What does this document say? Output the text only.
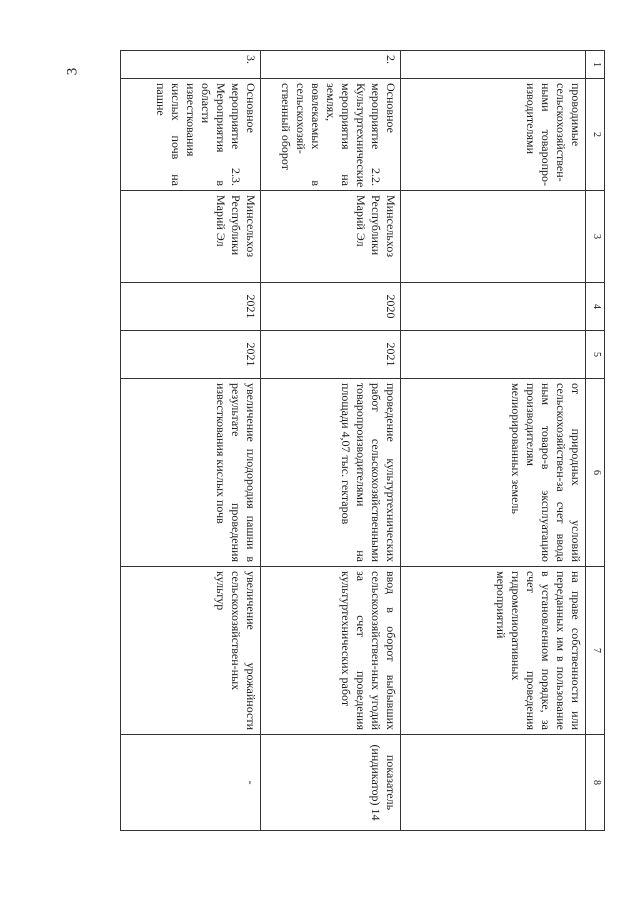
3
1	2	3	4	5	6	7	8
	проводимые сельскохозяйствен-ными товаропро-изводителями				от природных условий сельскохозяйствен-за счет ввода ным товаро-в эксплуатацию производителям мелиорированных земель	на праве собственности или переданных им в пользование в установленном порядке, за счет проведения гидромелиоративных мероприятий	
2.	Основное мероприятие 2.2. Культуртехнические мероприятия на землях, вовлекаемых в сельскохозяй-ственный оборот	Минсельхоз Республики Марий Эл	2020	2021	проведение культуртехнических работ сельскохозяйственными товаропроизводителями на площади 4,07 тыс. гектаров	ввод в оборот выбывших сельскохозяйствен-ных угодий за счет проведения культуртехнических работ	показатель (индикатор) 14
3.	Основное мероприятие 2.3. Мероприятия в области известкования кислых почв на пашне	Минсельхоз Республики Марий Эл	2021	2021	увеличение плодородия пашни в результате проведения известкования кислых почв	увеличение урожайности сельскохозяйствен-ных культур	-
